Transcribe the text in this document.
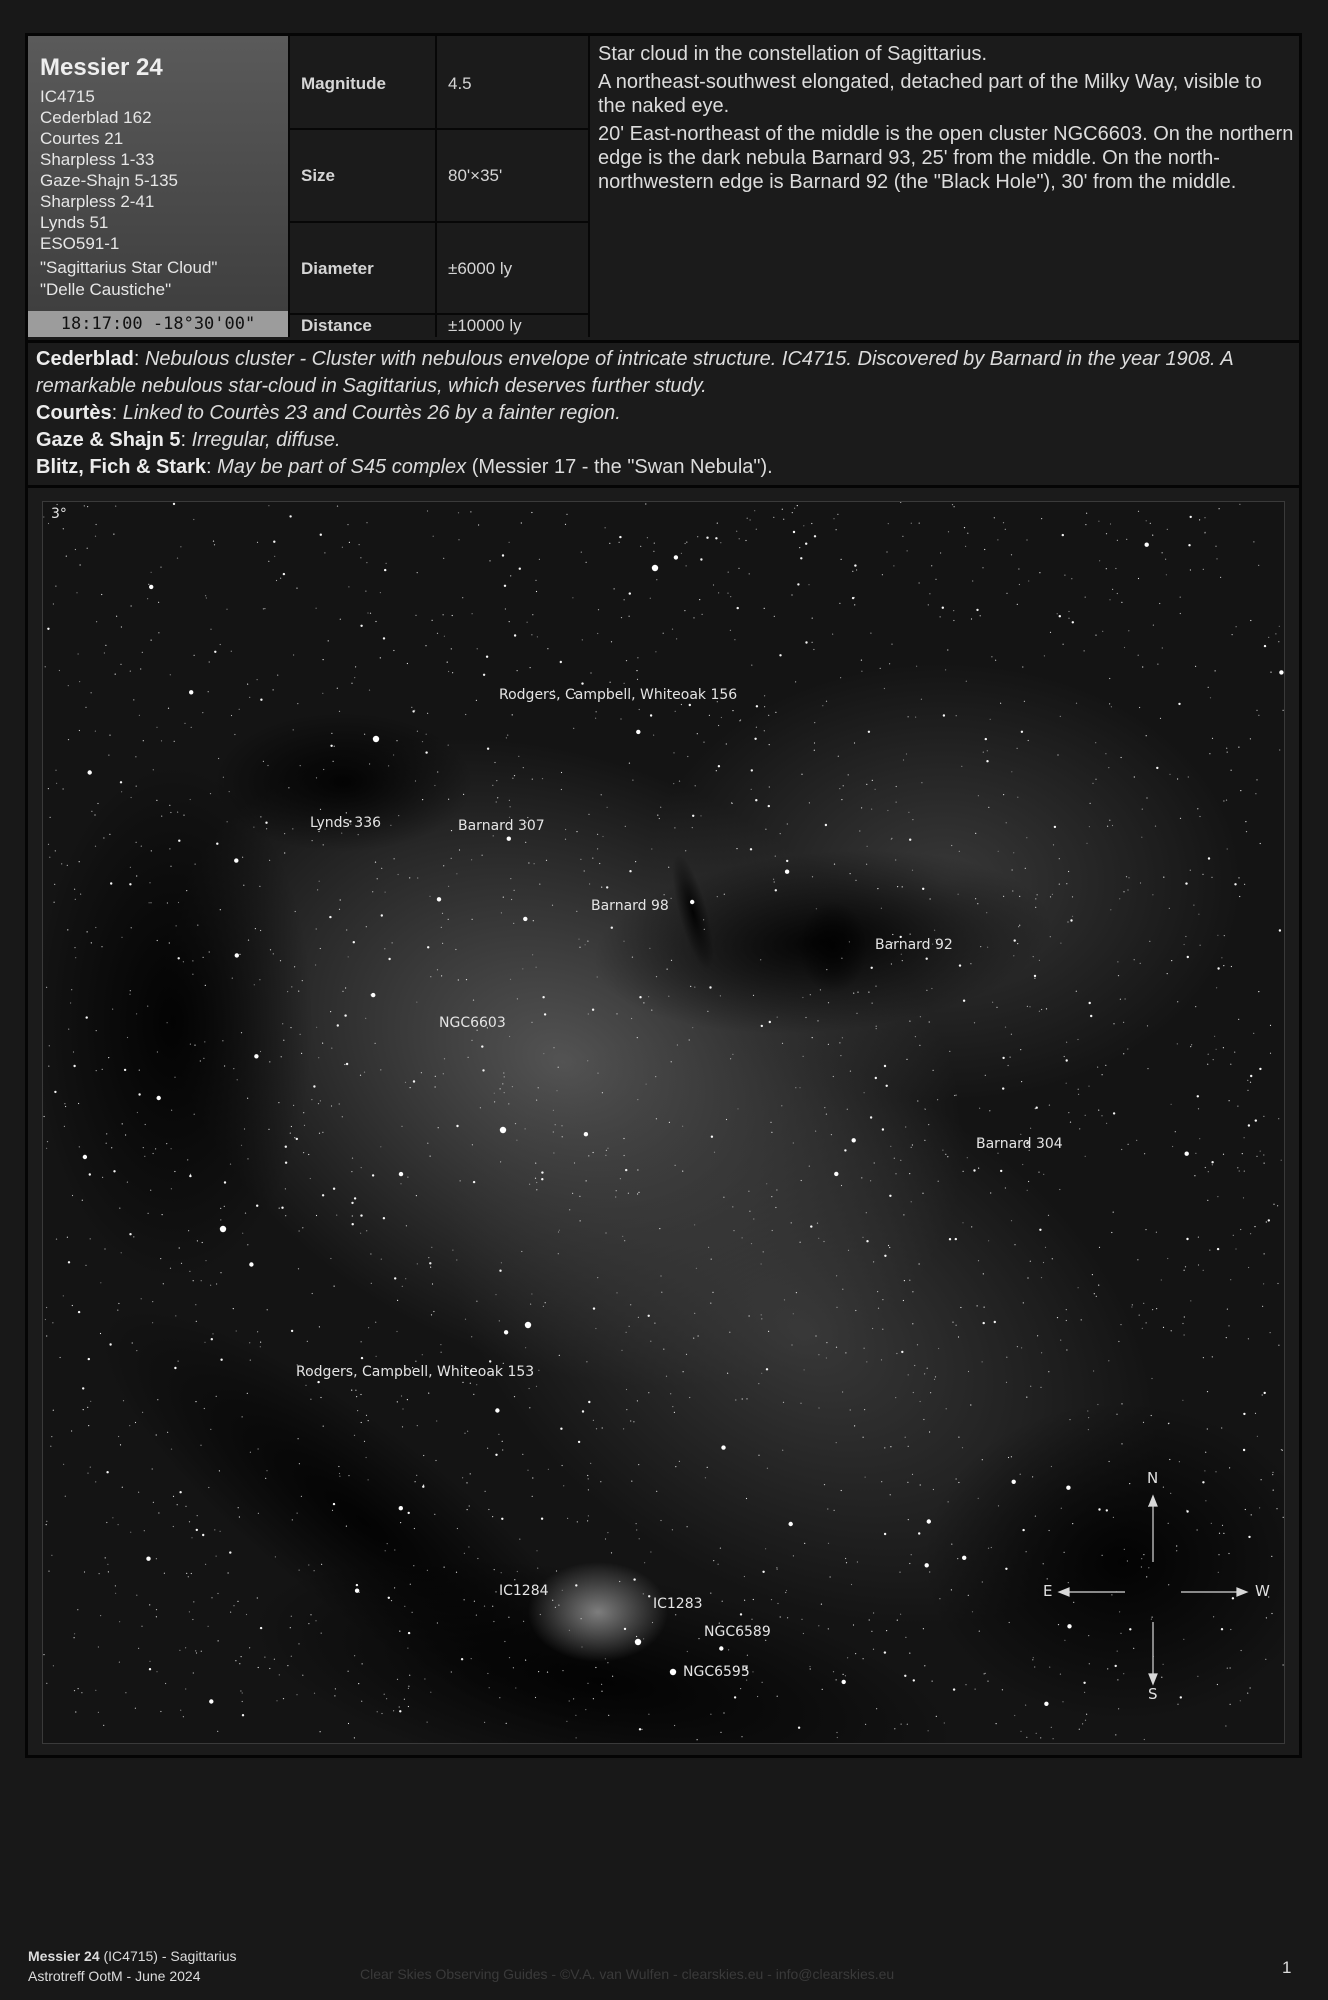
Messier 24
IC4715
Cederblad 162
Courtes 21
Sharpless 1-33
Gaze-Shajn 5-135
Sharpless 2-41
Lynds 51
ESO591-1
"Sagittarius Star Cloud"
"Delle Caustiche"
18:17:00 -18°30'00"
Magnitude	4.5
Size	80'×35'
Diameter	±6000 ly
Distance	±10000 ly

Star cloud in the constellation of Sagittarius.

A northeast-southwest elongated, detached part of the Milky Way, visible to the naked eye.

20' East-northeast of the middle is the open cluster NGC6603. On the northern edge is the dark nebula Barnard 93, 25' from the middle. On the north-northwestern edge is Barnard 92 (the "Black Hole"), 30' from the middle.

Cederblad: Nebulous cluster - Cluster with nebulous envelope of intricate structure. IC4715. Discovered by Barnard in the year 1908. A remarkable nebulous star-cloud in Sagittarius, which deserves further study.
Courtès: Linked to Courtès 23 and Courtès 26 by a fainter region.
Gaze & Shajn 5: Irregular, diffuse.
Blitz, Fich & Stark: May be part of S45 complex (Messier 17 - the "Swan Nebula").
3°
Rodgers, Campbell, Whiteoak 156
Lynds 336	Barnard 307
Barnard 98
Barnard 92
NGC6603
Barnard 304
Rodgers, Campbell, Whiteoak 153
IC1284
IC1283
NGC6589
NGC6595
N
S
E	W
Messier 24 (IC4715) - Sagittarius
Astrotreff OotM - June 2024	Clear Skies Observing Guides - ©V.A. van Wulfen - clearskies.eu - info@clearskies.eu	1
